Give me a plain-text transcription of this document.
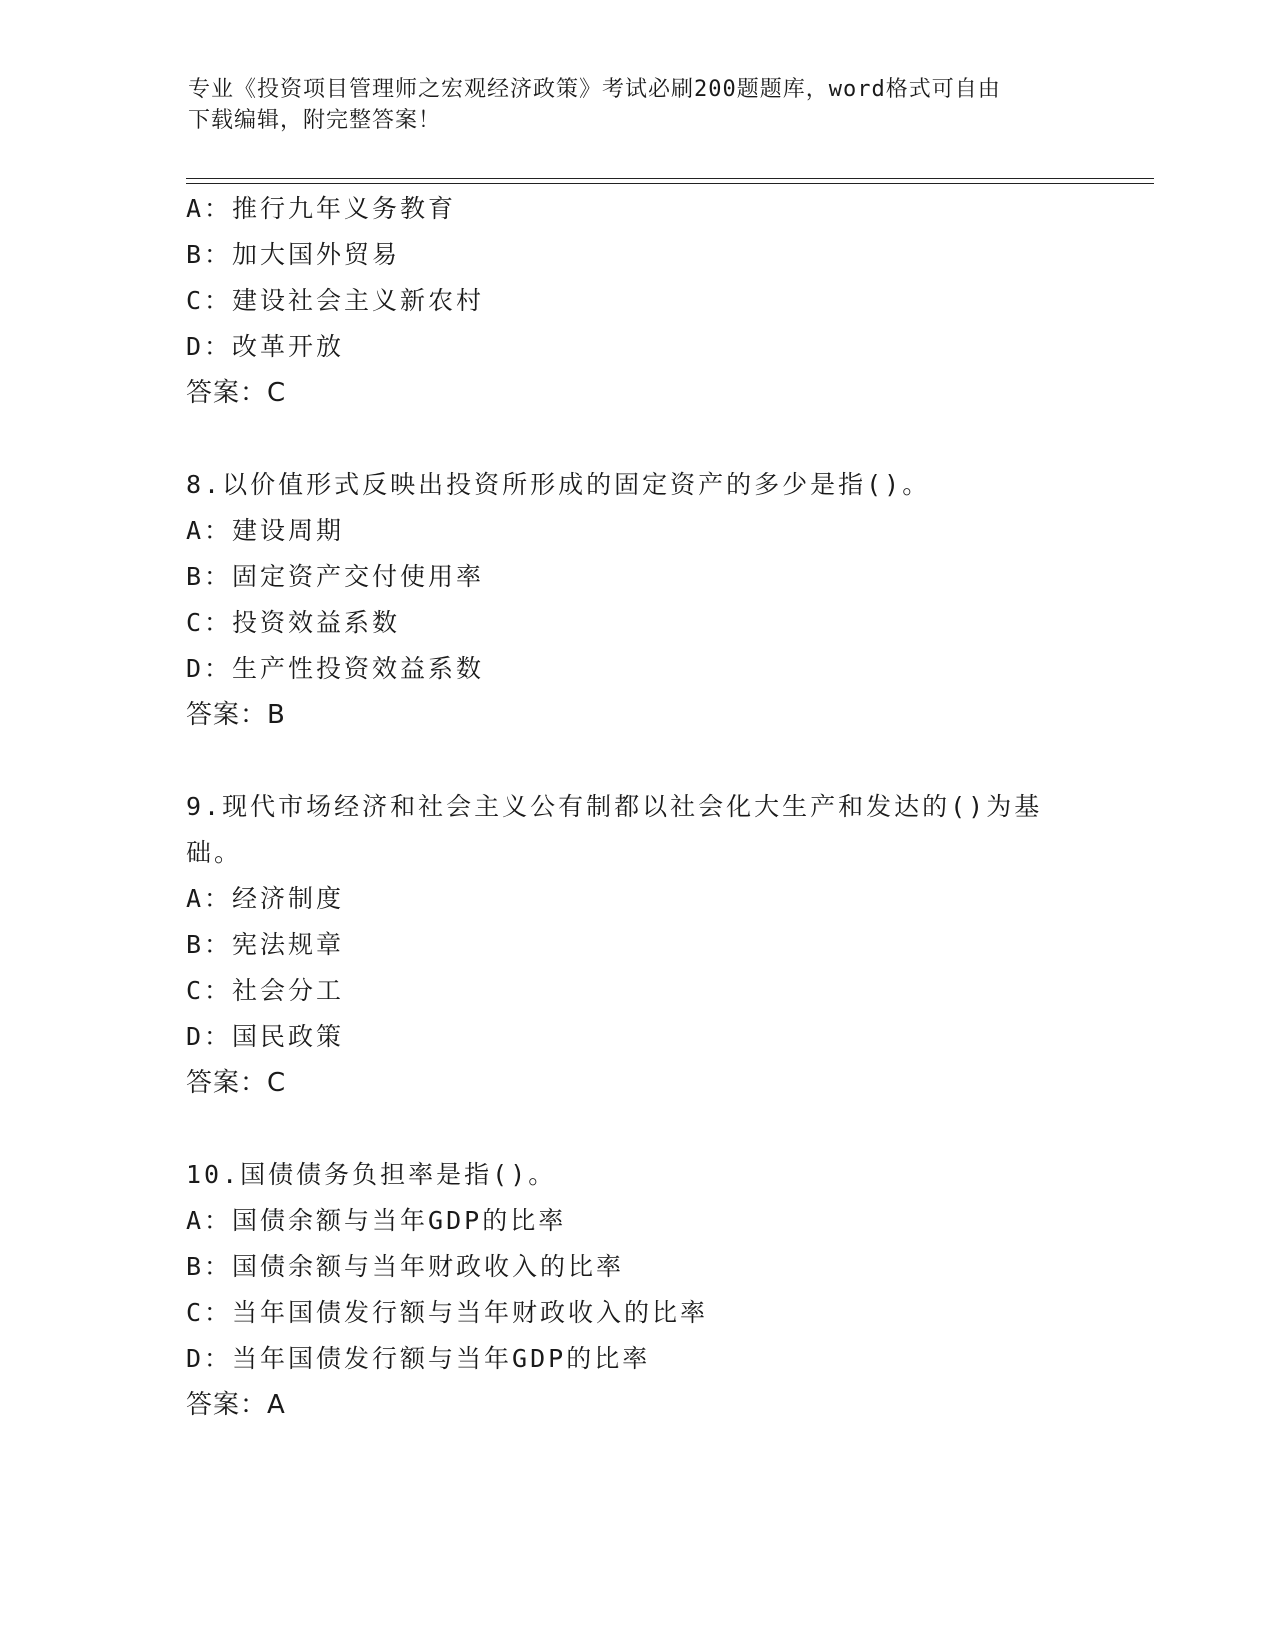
专业《投资项目管理师之宏观经济政策》考试必刷200题题库，word格式可自由
下载编辑，附完整答案！
A：推行九年义务教育
B：加大国外贸易
C：建设社会主义新农村
D：改革开放
答案：C
8.以价值形式反映出投资所形成的固定资产的多少是指()。
A：建设周期
B：固定资产交付使用率
C：投资效益系数
D：生产性投资效益系数
答案：B
9.现代市场经济和社会主义公有制都以社会化大生产和发达的()为基
础。
A：经济制度
B：宪法规章
C：社会分工
D：国民政策
答案：C
10.国债债务负担率是指()。
A：国债余额与当年GDP的比率
B：国债余额与当年财政收入的比率
C：当年国债发行额与当年财政收入的比率
D：当年国债发行额与当年GDP的比率
答案：A
